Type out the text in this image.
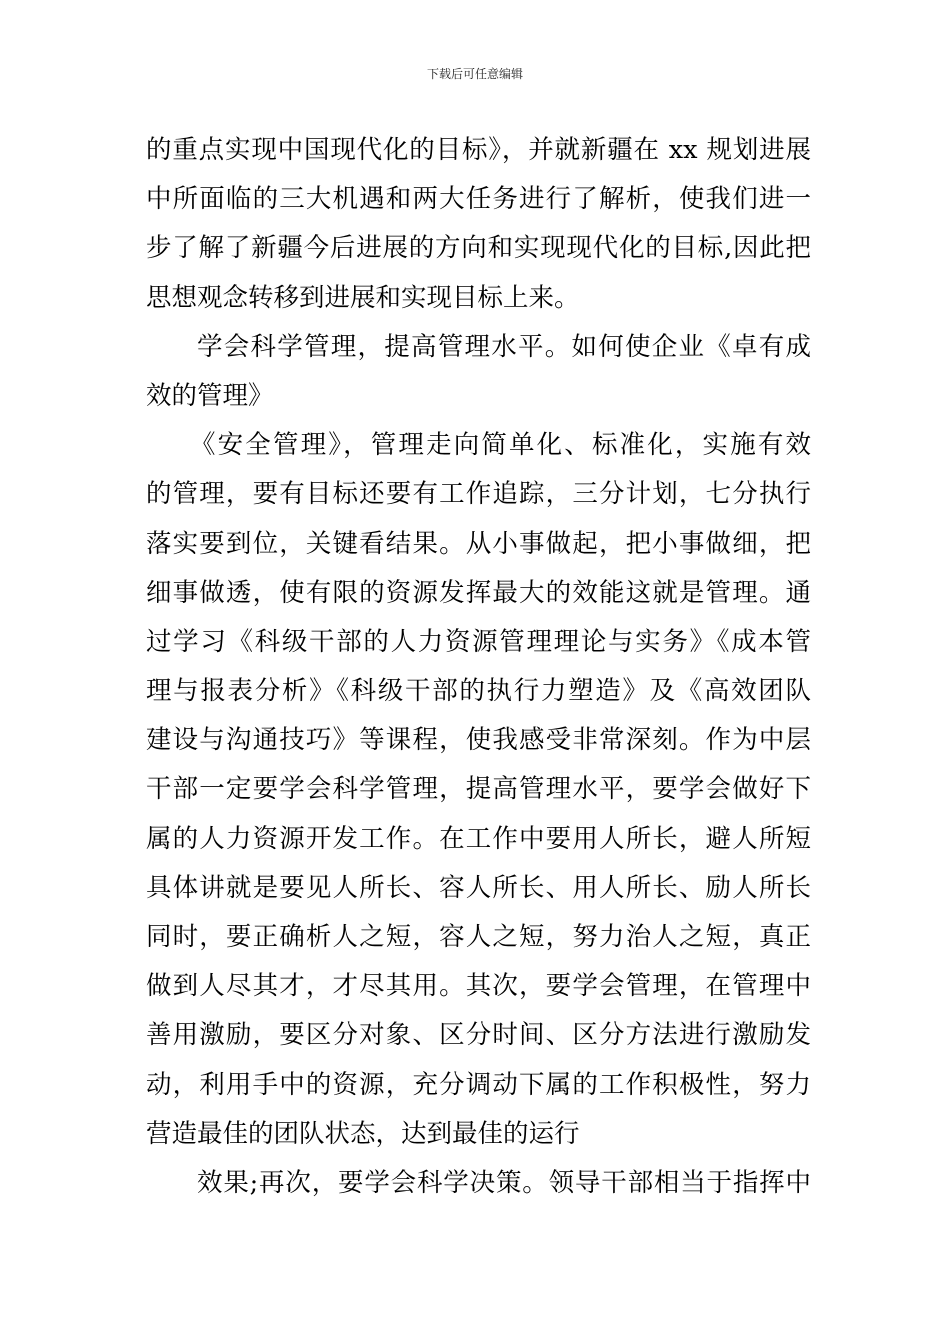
下载后可任意编辑
的重点实现中国现代化的目标》，并就新疆在 xx 规划进展
中所面临的三大机遇和两大任务进行了解析，使我们进一
步了解了新疆今后进展的方向和实现现代化的目标,因此把
思想观念转移到进展和实现目标上来。
学会科学管理，提高管理水平。如何使企业《卓有成
效的管理》
《安全管理》，管理走向简单化、标准化，实施有效
的管理，要有目标还要有工作追踪，三分计划，七分执行
落实要到位，关键看结果。从小事做起，把小事做细，把
细事做透，使有限的资源发挥最大的效能这就是管理。通
过学习《科级干部的人力资源管理理论与实务》《成本管
理与报表分析》《科级干部的执行力塑造》及《高效团队
建设与沟通技巧》等课程，使我感受非常深刻。作为中层
干部一定要学会科学管理，提高管理水平，要学会做好下
属的人力资源开发工作。在工作中要用人所长，避人所短
具体讲就是要见人所长、容人所长、用人所长、励人所长
同时，要正确析人之短，容人之短，努力治人之短，真正
做到人尽其才，才尽其用。其次，要学会管理，在管理中
善用激励，要区分对象、区分时间、区分方法进行激励发
动，利用手中的资源，充分调动下属的工作积极性，努力
营造最佳的团队状态，达到最佳的运行
效果;再次，要学会科学决策。领导干部相当于指挥中
